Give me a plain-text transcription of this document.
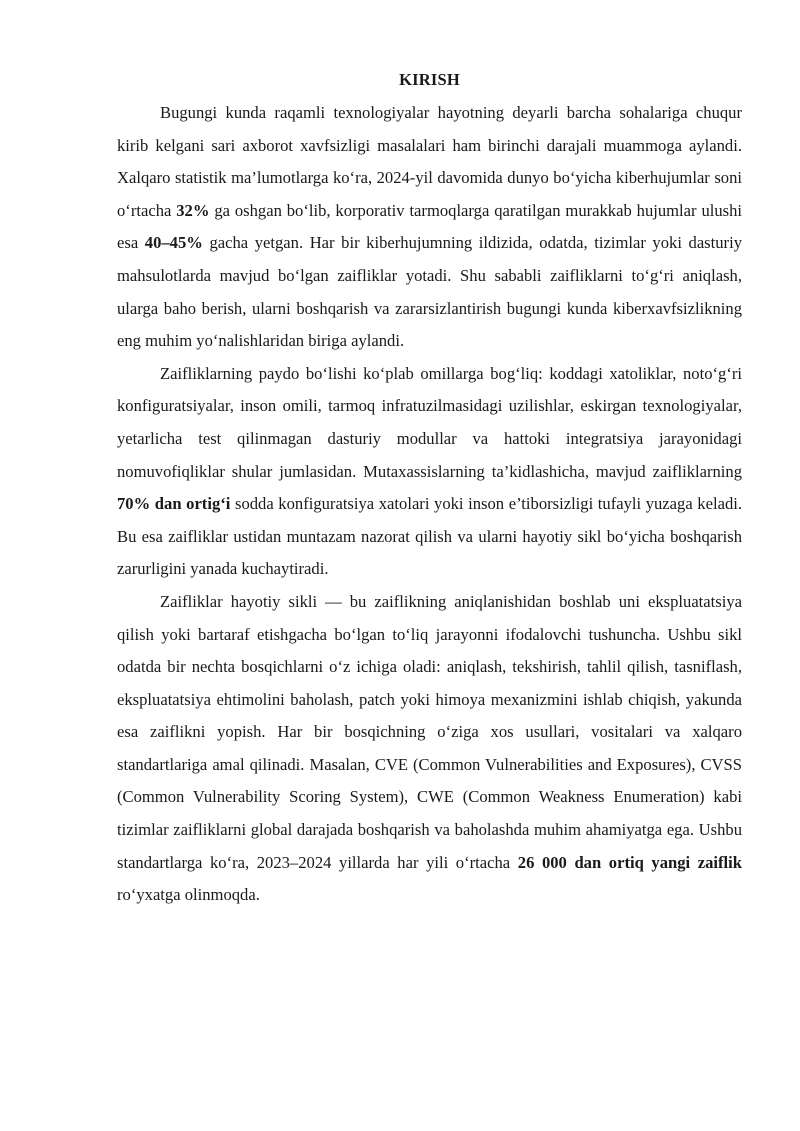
KIRISH

Bugungi kunda raqamli texnologiyalar hayotning deyarli barcha sohalariga chuqur kirib kelgani sari axborot xavfsizligi masalalari ham birinchi darajali muammoga aylandi. Xalqaro statistik ma’lumotlarga ko‘ra, 2024-yil davomida dunyo bo‘yicha kiberhujumlar soni o‘rtacha 32% ga oshgan bo‘lib, korporativ tarmoqlarga qaratilgan murakkab hujumlar ulushi esa 40–45% gacha yetgan. Har bir kiberhujumning ildizida, odatda, tizimlar yoki dasturiy mahsulotlarda mavjud bo‘lgan zaifliklar yotadi. Shu sababli zaifliklarni to‘g‘ri aniqlash, ularga baho berish, ularni boshqarish va zararsizlantirish bugungi kunda kiberxavfsizlikning eng muhim yo‘nalishlaridan biriga aylandi.

Zaifliklarning paydo bo‘lishi ko‘plab omillarga bog‘liq: koddagi xatoliklar, noto‘g‘ri konfiguratsiyalar, inson omili, tarmoq infratuzilmasidagi uzilishlar, eskirgan texnologiyalar, yetarlicha test qilinmagan dasturiy modullar va hattoki integratsiya jarayonidagi nomuvofiqliklar shular jumlasidan. Mutaxassislarning ta’kidlashicha, mavjud zaifliklarning 70% dan ortig‘i sodda konfiguratsiya xatolari yoki inson e’tiborsizligi tufayli yuzaga keladi. Bu esa zaifliklar ustidan muntazam nazorat qilish va ularni hayotiy sikl bo‘yicha boshqarish zarurligini yanada kuchaytiradi.

Zaifliklar hayotiy sikli — bu zaiflikning aniqlanishidan boshlab uni ekspluatatsiya qilish yoki bartaraf etishgacha bo‘lgan to‘liq jarayonni ifodalovchi tushuncha. Ushbu sikl odatda bir nechta bosqichlarni o‘z ichiga oladi: aniqlash, tekshirish, tahlil qilish, tasniflash, ekspluatatsiya ehtimolini baholash, patch yoki himoya mexanizmini ishlab chiqish, yakunda esa zaiflikni yopish. Har bir bosqichning o‘ziga xos usullari, vositalari va xalqaro standartlariga amal qilinadi. Masalan, CVE (Common Vulnerabilities and Exposures), CVSS (Common Vulnerability Scoring System), CWE (Common Weakness Enumeration) kabi tizimlar zaifliklarni global darajada boshqarish va baholashda muhim ahamiyatga ega. Ushbu standartlarga ko‘ra, 2023–2024 yillarda har yili o‘rtacha 26 000 dan ortiq yangi zaiflik ro‘yxatga olinmoqda.
